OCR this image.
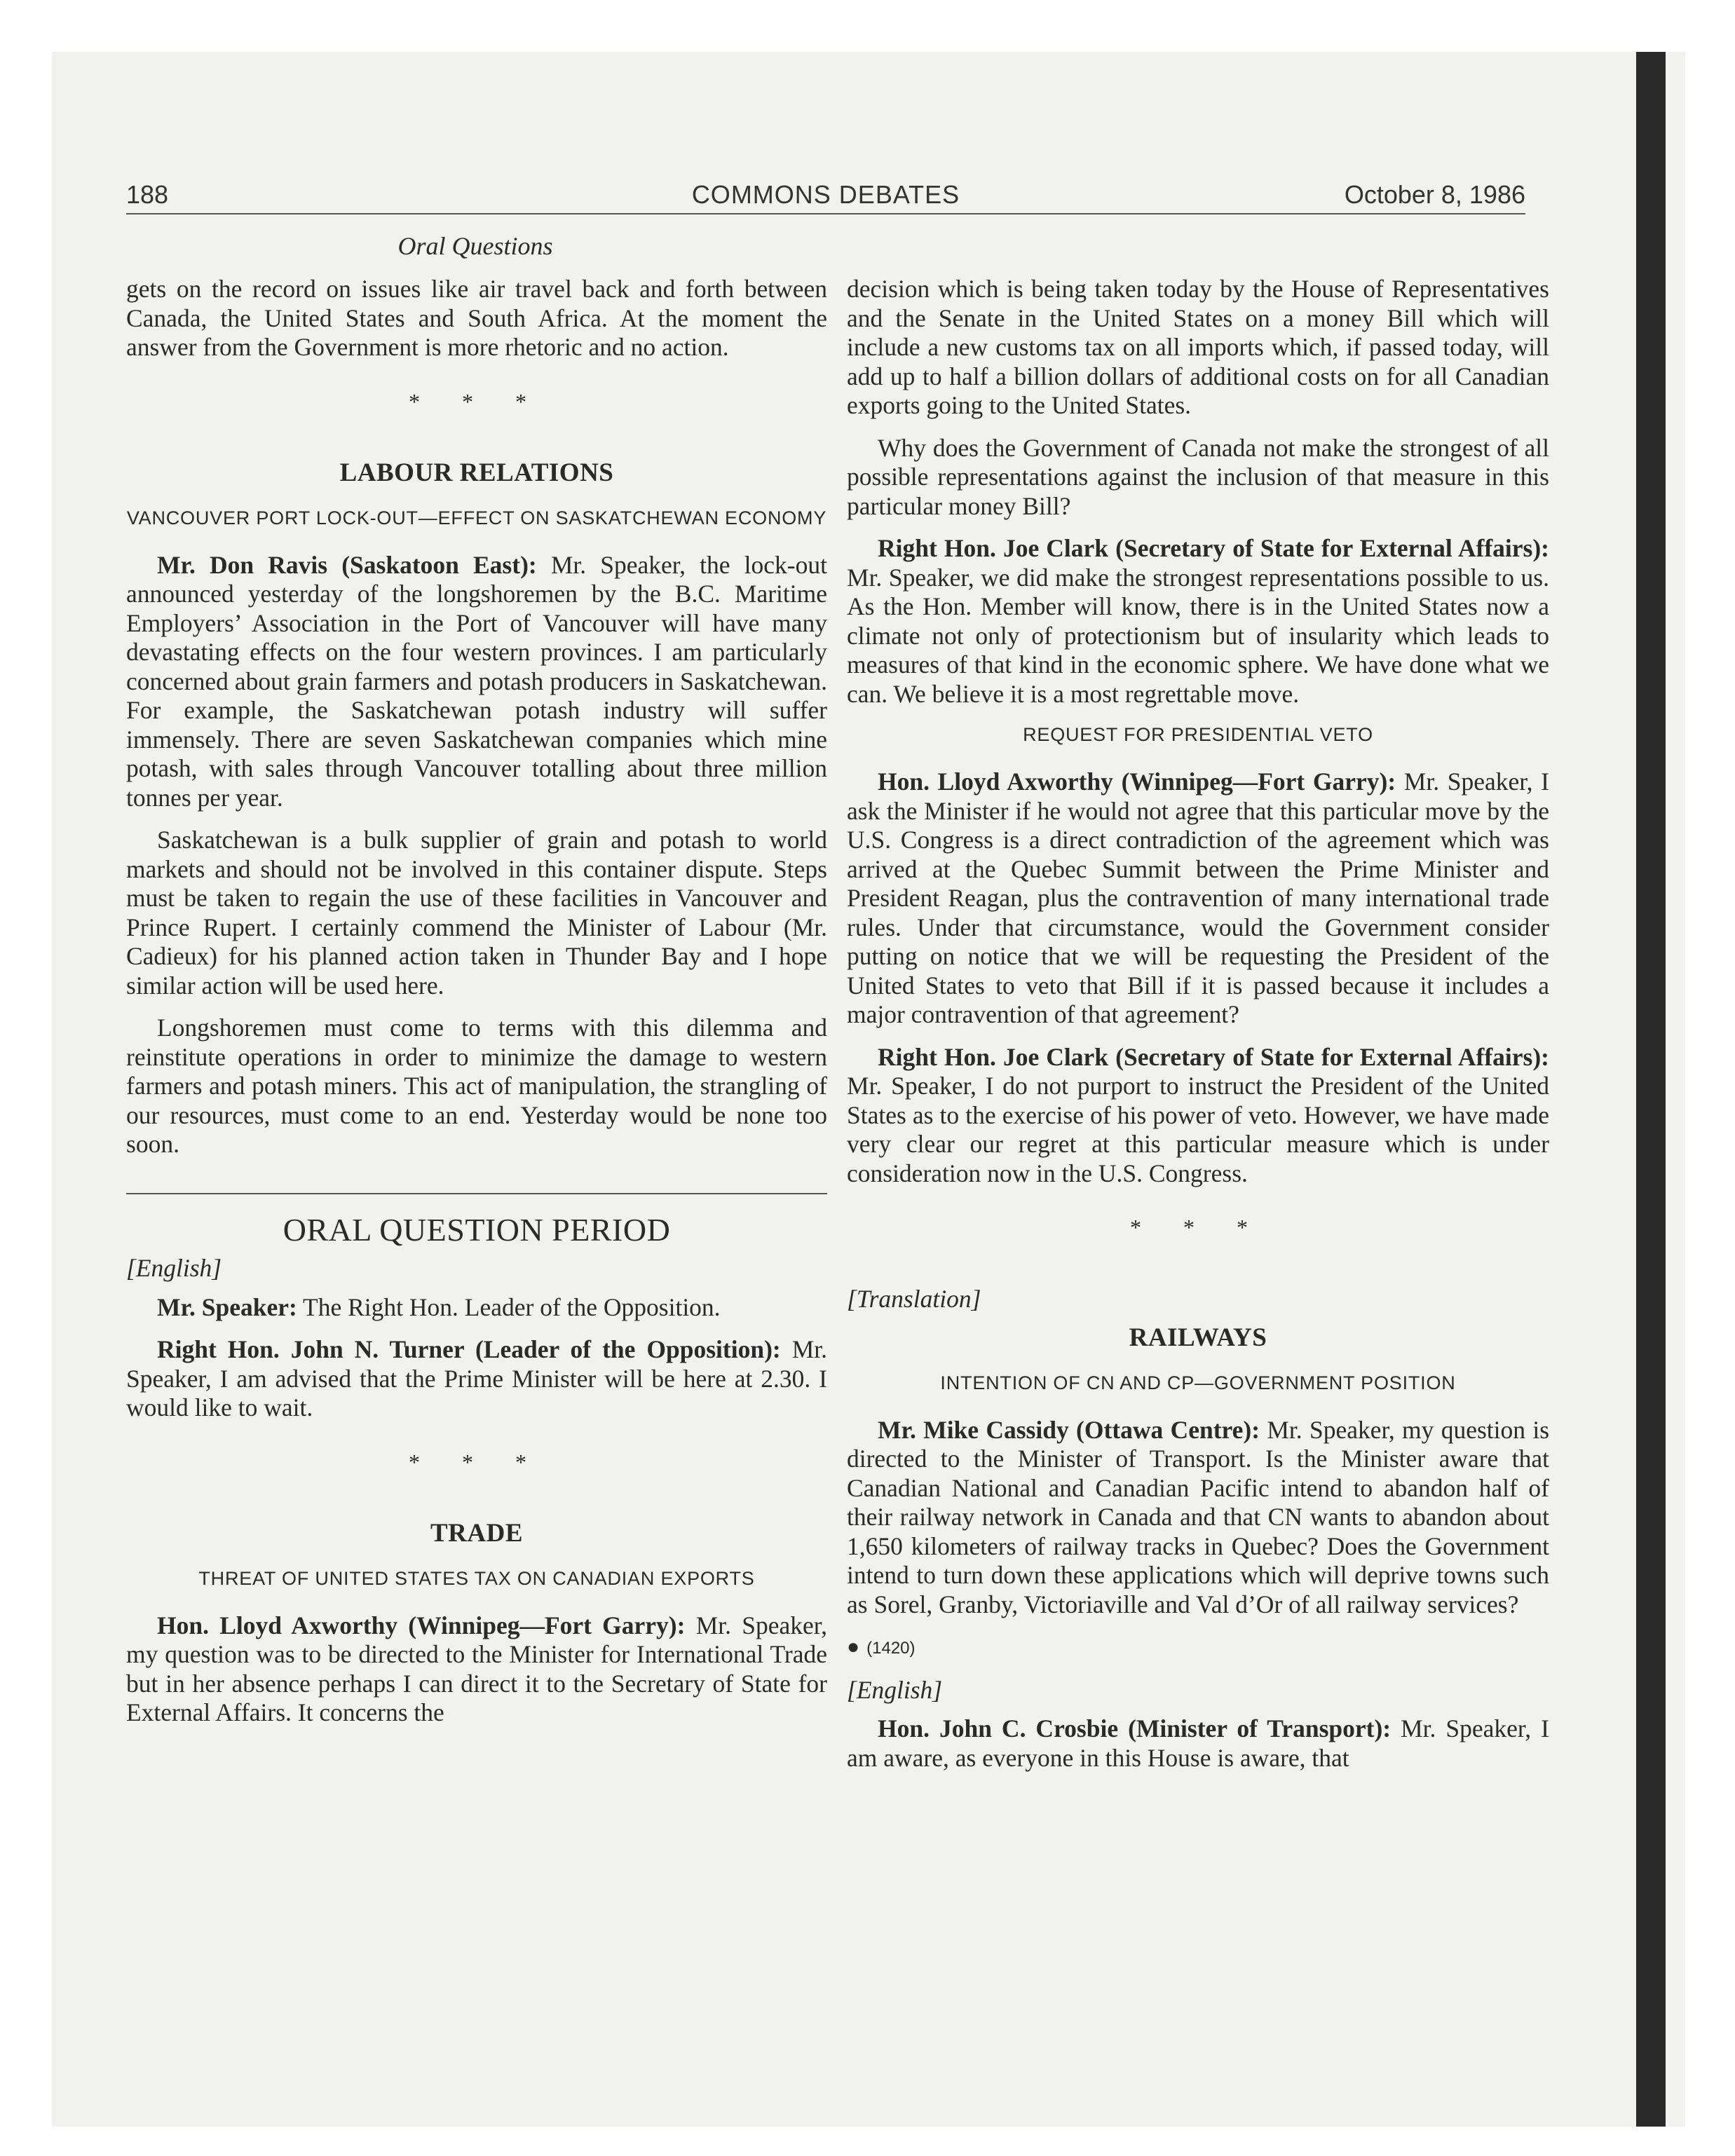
188	COMMONS DEBATES	October 8, 1986
Oral Questions

gets on the record on issues like air travel back and forth between Canada, the United States and South Africa. At the moment the answer from the Government is more rhetoric and no action.

* * *
LABOUR RELATIONS
VANCOUVER PORT LOCK-OUT—EFFECT ON SASKATCHEWAN ECONOMY

Mr. Don Ravis (Saskatoon East): Mr. Speaker, the lock-out announced yesterday of the longshoremen by the B.C. Maritime Employers’ Association in the Port of Vancouver will have many devastating effects on the four western provinces. I am particularly concerned about grain farmers and potash producers in Saskatchewan. For example, the Saskatchewan potash industry will suffer immensely. There are seven Saskatchewan companies which mine potash, with sales through Vancouver totalling about three million tonnes per year.

Saskatchewan is a bulk supplier of grain and potash to world markets and should not be involved in this container dispute. Steps must be taken to regain the use of these facilities in Vancouver and Prince Rupert. I certainly commend the Minister of Labour (Mr. Cadieux) for his planned action taken in Thunder Bay and I hope similar action will be used here.

Longshoremen must come to terms with this dilemma and reinstitute operations in order to minimize the damage to western farmers and potash miners. This act of manipulation, the strangling of our resources, must come to an end. Yesterday would be none too soon.

ORAL QUESTION PERIOD
[English]

Mr. Speaker: The Right Hon. Leader of the Opposition.

Right Hon. John N. Turner (Leader of the Opposition): Mr. Speaker, I am advised that the Prime Minister will be here at 2.30. I would like to wait.

* * *
TRADE
THREAT OF UNITED STATES TAX ON CANADIAN EXPORTS

Hon. Lloyd Axworthy (Winnipeg—Fort Garry): Mr. Speaker, my question was to be directed to the Minister for International Trade but in her absence perhaps I can direct it to the Secretary of State for External Affairs. It concerns the

decision which is being taken today by the House of Representatives and the Senate in the United States on a money Bill which will include a new customs tax on all imports which, if passed today, will add up to half a billion dollars of additional costs on for all Canadian exports going to the United States.

Why does the Government of Canada not make the strongest of all possible representations against the inclusion of that measure in this particular money Bill?

Right Hon. Joe Clark (Secretary of State for External Affairs): Mr. Speaker, we did make the strongest representations possible to us. As the Hon. Member will know, there is in the United States now a climate not only of protectionism but of insularity which leads to measures of that kind in the economic sphere. We have done what we can. We believe it is a most regrettable move.

REQUEST FOR PRESIDENTIAL VETO

Hon. Lloyd Axworthy (Winnipeg—Fort Garry): Mr. Speaker, I ask the Minister if he would not agree that this particular move by the U.S. Congress is a direct contradiction of the agreement which was arrived at the Quebec Summit between the Prime Minister and President Reagan, plus the contravention of many international trade rules. Under that circumstance, would the Government consider putting on notice that we will be requesting the President of the United States to veto that Bill if it is passed because it includes a major contravention of that agreement?

Right Hon. Joe Clark (Secretary of State for External Affairs): Mr. Speaker, I do not purport to instruct the President of the United States as to the exercise of his power of veto. However, we have made very clear our regret at this particular measure which is under consideration now in the U.S. Congress.

* * *
[Translation]
RAILWAYS
INTENTION OF CN AND CP—GOVERNMENT POSITION

Mr. Mike Cassidy (Ottawa Centre): Mr. Speaker, my question is directed to the Minister of Transport. Is the Minister aware that Canadian National and Canadian Pacific intend to abandon half of their railway network in Canada and that CN wants to abandon about 1,650 kilometers of railway tracks in Quebec? Does the Government intend to turn down these applications which will deprive towns such as Sorel, Granby, Victoriaville and Val d’Or of all railway services?

● (1420)
[English]

Hon. John C. Crosbie (Minister of Transport): Mr. Speaker, I am aware, as everyone in this House is aware, that
